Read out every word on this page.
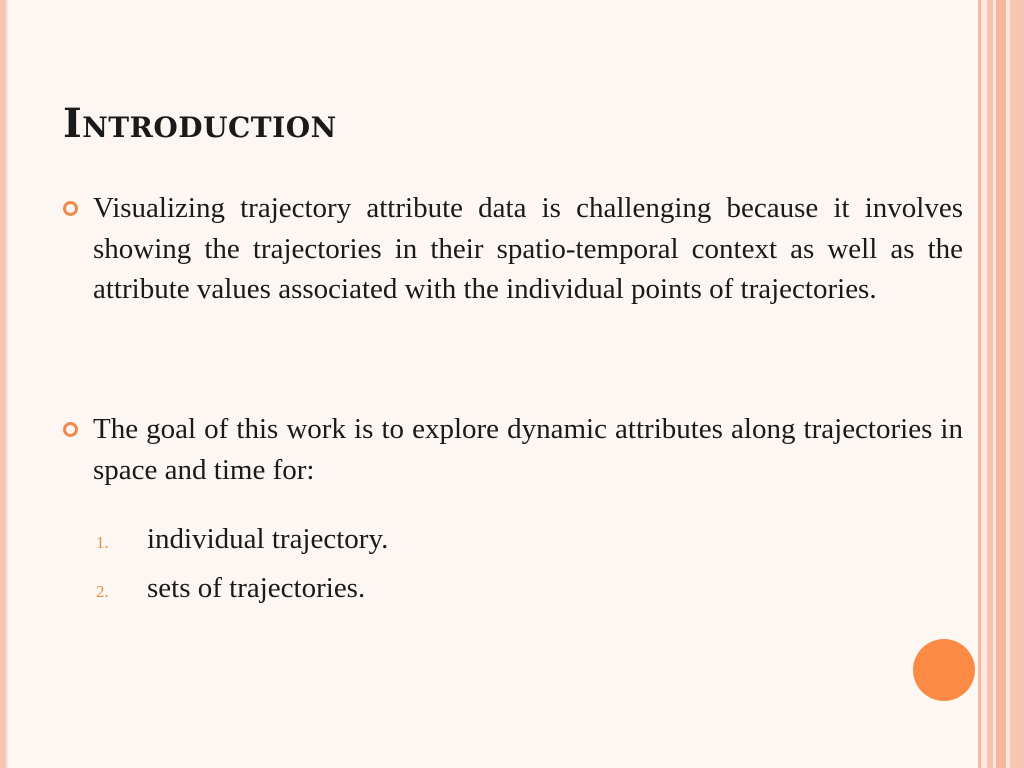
Introduction
Visualizing trajectory attribute data is challenging because it involves showing the trajectories in their spatio-temporal context as well as the attribute values associated with the individual points of trajectories.
The goal of this work is to explore dynamic attributes along trajectories in space and time for:
1. individual trajectory.
2. sets of trajectories.
